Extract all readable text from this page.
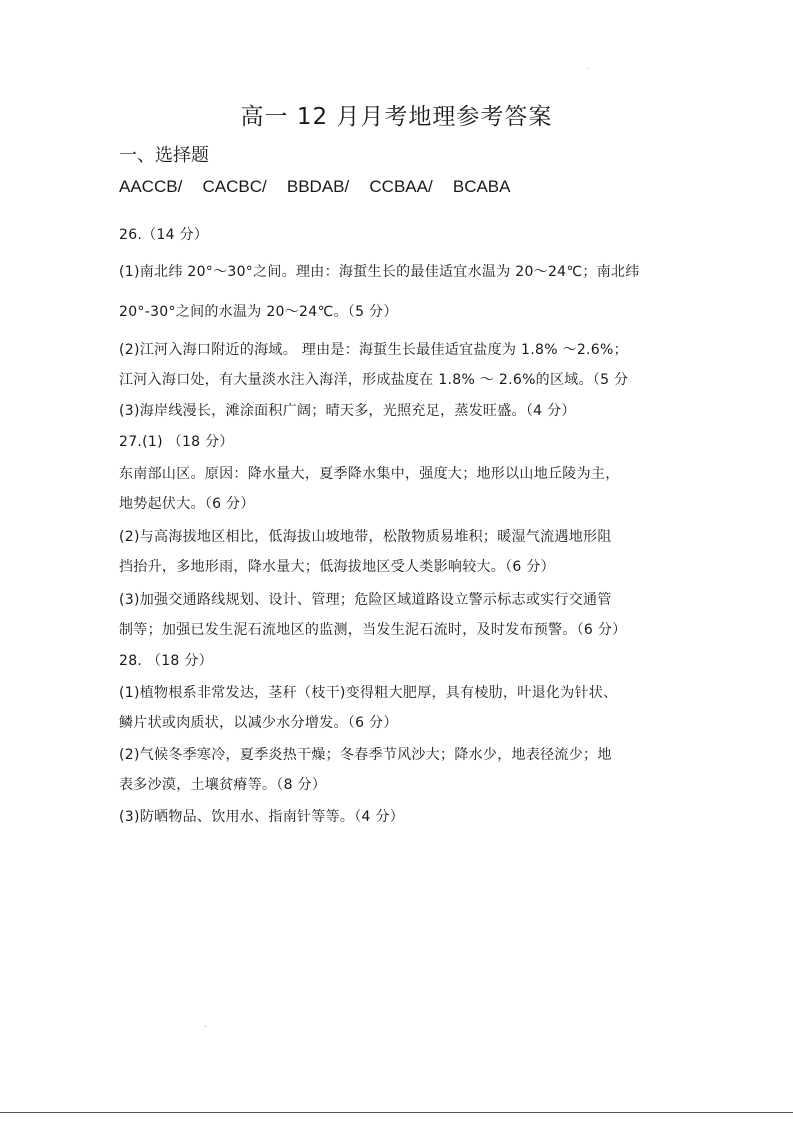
高一 12 月月考地理参考答案
一、选择题
AACCB/   CACBC/   BBDAB/   CCBAA/   BCABA
26.（14 分）
(1)南北纬 20°～30°之间。理由：海蜇生长的最佳适宜水温为 20～24℃；南北纬
20°-30°之间的水温为 20～24℃。（5 分）
(2)江河入海口附近的海域。 理由是：海蜇生长最佳适宜盐度为 1.8% ～2.6%；
江河入海口处，有大量淡水注入海洋，形成盐度在 1.8% ～ 2.6%的区域。（5 分
(3)海岸线漫长，滩涂面积广阔；晴天多，光照充足，蒸发旺盛。（4 分）
27.(1) （18 分）
东南部山区。原因：降水量大，夏季降水集中，强度大；地形以山地丘陵为主，
地势起伏大。（6 分）
(2)与高海拔地区相比，低海拔山坡地带，松散物质易堆积；暖湿气流遇地形阻
挡抬升，多地形雨，降水量大；低海拔地区受人类影响较大。（6 分）
(3)加强交通路线规划、设计、管理；危险区域道路设立警示标志或实行交通管
制等；加强已发生泥石流地区的监测，当发生泥石流时，及时发布预警。（6 分）
28. （18 分）
(1)植物根系非常发达，茎秆（枝干)变得粗大肥厚，具有棱肋，叶退化为针状、
鳞片状或肉质状，以减少水分增发。（6 分）
(2)气候冬季寒冷，夏季炎热干燥；冬春季节风沙大；降水少，地表径流少；地
表多沙漠，土壤贫瘠等。（8 分）
(3)防晒物品、饮用水、指南针等等。（4 分）
